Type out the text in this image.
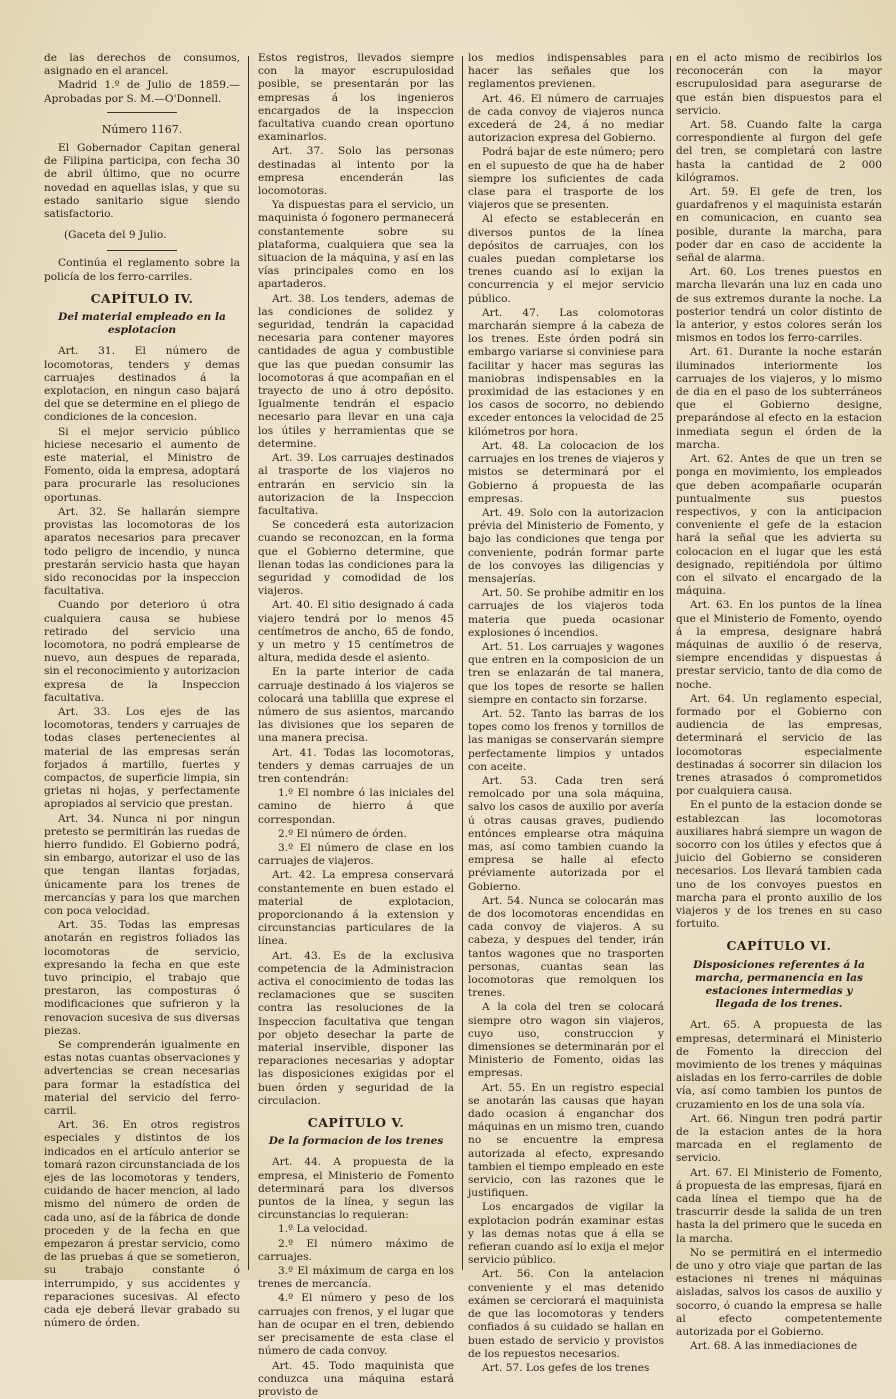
de las derechos de consumos, asignado en el arancel.

Madrid 1.º de Julio de 1859.—Aprobadas por S. M.—O'Donnell.

Número 1167.

El Gobernador Capitan general de Filipina participa, con fecha 30 de abril último, que no ocurre novedad en aquellas islas, y que su estado sanitario sigue siendo satisfactorio.

(Gaceta del 9 Julio.

Continúa el reglamento sobre la policía de los ferro-carriles.

CAPÍTULO IV.
Del material empleado en la esplotacion

Art. 31. El número de locomotoras, tenders y demas carruajes destinados á la explotacion, en ningun caso bajará del que se determine en el pliego de condiciones de la concesion.

Si el mejor servicio público hiciese necesario el aumento de este material, el Ministro de Fomento, oida la empresa, adoptará para procurarle las resoluciones oportunas.

Art. 32. Se hallarán siempre provistas las locomotoras de los aparatos necesarios para precaver todo peligro de incendio, y nunca prestarán servicio hasta que hayan sido reconocidas por la inspeccion facultativa.

Cuando por deterioro ú otra cualquiera causa se hubiese retirado del servicio una locomotora, no podrá emplearse de nuevo, aun despues de reparada, sin el reconocimiento y autorizacion expresa de la Inspeccion facultativa.

Art. 33. Los ejes de las locomotoras, tenders y carruajes de todas clases pertenecientes al material de las empresas serán forjados á martillo, fuertes y compactos, de superficie limpia, sin grietas ni hojas, y perfectamente apropiados al servicio que prestan.

Art. 34. Nunca ni por ningun pretesto se permitirán las ruedas de hierro fundido. El Gobierno podrá, sin embargo, autorizar el uso de las que tengan llantas forjadas, únicamente para los trenes de mercancías y para los que marchen con poca velocidad.

Art. 35. Todas las empresas anotarán en registros foliados las locomotoras de servicio, expresando la fecha en que este tuvo principio, el trabajo que prestaron, las composturas ó modificaciones que sufrieron y la renovacion sucesiva de sus diversas piezas.

Se comprenderán igualmente en estas notas cuantas observaciones y advertencias se crean necesarias para formar la estadística del material del servicio del ferro-carril.

Art. 36. En otros registros especiales y distintos de los indicados en el artículo anterior se tomará razon circunstanciada de los ejes de las locomotoras y tenders, cuidando de hacer mencion, al lado mismo del número de orden de cada uno, así de la fábrica de donde proceden y de la fecha en que empezaron á prestar servicio, como de las pruebas á que se sometieron, su trabajo constante ó interrumpido, y sus accidentes y reparaciones sucesivas. Al efecto cada eje deberá llevar grabado su número de órden.

Estos registros, llevados siempre con la mayor escrupulosidad posible, se presentarán por las empresas á los ingenieros encargados de la inspeccion facultativa cuando crean oportuno examinarlos.

Art. 37. Solo las personas destinadas al intento por la empresa encenderán las locomotoras.

Ya dispuestas para el servicio, un maquinista ó fogonero permanecerá constantemente sobre su plataforma, cualquiera que sea la situacion de la máquina, y así en las vías principales como en los apartaderos.

Art. 38. Los tenders, ademas de las condiciones de solidez y seguridad, tendrán la capacidad necesaria para contener mayores cantidades de agua y combustible que las que puedan consumir las locomotoras á que acompañan en el trayecto de uno á otro depósito. Igualmente tendrán el espacio necesario para llevar en una caja los útiles y herramientas que se determine.

Art. 39. Los carruajes destinados al trasporte de los viajeros no entrarán en servicio sin la autorizacion de la Inspeccion facultativa.

Se concederá esta autorizacion cuando se reconozcan, en la forma que el Gobierno determine, que llenan todas las condiciones para la seguridad y comodidad de los viajeros.

Art. 40. El sitio designado á cada viajero tendrá por lo menos 45 centímetros de ancho, 65 de fondo, y un metro y 15 centímetros de altura, medida desde el asiento.

En la parte interior de cada carruaje destinado á los viajeros se colocará una tablilla que exprese el número de sus asientos, marcando las divisiones que los separen de una manera precisa.

Art. 41. Todas las locomotoras, tenders y demas carruajes de un tren contendrán:

1.º El nombre ó las iniciales del camino de hierro á que correspondan.

2.º El número de órden.

3.º El número de clase en los carruajes de viajeros.

Art. 42. La empresa conservará constantemente en buen estado el material de explotacion, proporcionando á la extension y circunstancias particulares de la línea.

Art. 43. Es de la exclusiva competencia de la Administracion activa el conocimiento de todas las reclamaciones que se susciten contra las resoluciones de la Inspeccion facultativa que tengan por objeto desechar la parte de material inservible, disponer las reparaciones necesarias y adoptar las disposiciones exigidas por el buen órden y seguridad de la circulacion.

CAPÍTULO V.
De la formacion de los trenes

Art. 44. A propuesta de la empresa, el Ministerio de Fomento determinará para los diversos puntos de la línea, y segun las circunstancias lo requieran:

1.º La velocidad.

2.º El número máximo de carruajes.

3.º El máximum de carga en los trenes de mercancía.

4.º El número y peso de los carruajes con frenos, y el lugar que han de ocupar en el tren, debiendo ser precisamente de esta clase el número de cada convoy.

Art. 45. Todo maquinista que conduzca una máquina estará provisto de

los medios indispensables para hacer las señales que los reglamentos previenen.

Art. 46. El número de carruajes de cada convoy de viajeros nunca excederá de 24, á no mediar autorizacion expresa del Gobierno.

Podrá bajar de este número; pero en el supuesto de que ha de haber siempre los suficientes de cada clase para el trasporte de los viajeros que se presenten.

Al efecto se establecerán en diversos puntos de la línea depósitos de carruajes, con los cuales puedan completarse los trenes cuando así lo exijan la concurrencia y el mejor servicio público.

Art. 47. Las colomotoras marcharán siempre á la cabeza de los trenes. Este órden podrá sin embargo variarse si conviniese para facilitar y hacer mas seguras las maniobras indispensables en la proximidad de las estaciones y en los casos de socorro, no debiendo exceder entonces la velocidad de 25 kilómetros por hora.

Art. 48. La colocacion de los carruajes en los trenes de viajeros y mistos se determinará por el Gobierno á propuesta de las empresas.

Art. 49. Solo con la autorizacion prévia del Ministerio de Fomento, y bajo las condiciones que tenga por conveniente, podrán formar parte de los convoyes las diligencias y mensajerías.

Art. 50. Se prohibe admitir en los carruajes de los viajeros toda materia que pueda ocasionar explosiones ó incendios.

Art. 51. Los carruajes y wagones que entren en la composicion de un tren se enlazarán de tal manera, que los topes de resorte se hallen siempre en contacto sin forzarse.

Art. 52. Tanto las barras de los topes como los frenos y tornillos de las manigas se conservarán siempre perfectamente limpios y untados con aceite.

Art. 53. Cada tren será remolcado por una sola máquina, salvo los casos de auxilio por avería ú otras causas graves, pudiendo entónces emplearse otra máquina mas, así como tambien cuando la empresa se halle al efecto préviamente autorizada por el Gobierno.

Art. 54. Nunca se colocarán mas de dos locomotoras encendidas en cada convoy de viajeros. A su cabeza, y despues del tender, irán tantos wagones que no trasporten personas, cuantas sean las locomotoras que remolquen los trenes.

A la cola del tren se colocará siempre otro wagon sin viajeros, cuyo uso, construccion y dimensiones se determinarán por el Ministerio de Fomento, oidas las empresas.

Art. 55. En un registro especial se anotarán las causas que hayan dado ocasion á enganchar dos máquinas en un mismo tren, cuando no se encuentre la empresa autorizada al efecto, expresando tambien el tiempo empleado en este servicio, con las razones que le justifiquen.

Los encargados de vigilar la explotacion podrán examinar estas y las demas notas que á ella se refieran cuando así lo exija el mejor servicio público.

Art. 56. Con la antelacion conveniente y el mas detenido exámen se cerciorará el maquinista de que las locomotoras y tenders confiados á su cuidado se hallan en buen estado de servicio y provistos de los repuestos necesarios.

Art. 57. Los gefes de los trenes

en el acto mismo de recibirlos los reconocerán con la mayor escrupulosidad para asegurarse de que están bien dispuestos para el servicio.

Art. 58. Cuando falte la carga correspondiente al furgon del gefe del tren, se completará con lastre hasta la cantidad de 2 000 kilógramos.

Art. 59. El gefe de tren, los guardafrenos y el maquinista estarán en comunicacion, en cuanto sea posible, durante la marcha, para poder dar en caso de accidente la señal de alarma.

Art. 60. Los trenes puestos en marcha llevarán una luz en cada uno de sus extremos durante la noche. La posterior tendrá un color distinto de la anterior, y estos colores serán los mismos en todos los ferro-carriles.

Art. 61. Durante la noche estarán iluminados interiormente los carruajes de los viajeros, y lo mismo de dia en el paso de los subterráneos que el Gobierno designe, preparándose al efecto en la estacion inmediata segun el órden de la marcha.

Art. 62. Antes de que un tren se ponga en movimiento, los empleados que deben acompañarle ocuparán puntualmente sus puestos respectivos, y con la anticipacion conveniente el gefe de la estacion hará la señal que les advierta su colocacion en el lugar que les está designado, repitiéndola por último con el silvato el encargado de la máquina.

Art. 63. En los puntos de la línea que el Ministerio de Fomento, oyendo á la empresa, designare habrá máquinas de auxilio ó de reserva, siempre encendidas y dispuestas á prestar servicio, tanto de dia como de noche.

Art. 64. Un reglamento especial, formado por el Gobierno con audiencia de las empresas, determinará el servicio de las locomotoras especialmente destinadas á socorrer sin dilacion los trenes atrasados ó comprometidos por cualquiera causa.

En el punto de la estacion donde se establezcan las locomotoras auxiliares habrá siempre un wagon de socorro con los útiles y efectos que á juicio del Gobierno se consideren necesarios. Los llevará tambien cada uno de los convoyes puestos en marcha para el pronto auxilio de los viajeros y de los trenes en su caso fortuito.

CAPÍTULO VI.
Disposiciones referentes á la marcha, permanencia en las estaciones intermedias y llegada de los trenes.

Art. 65. A propuesta de las empresas, determinará el Ministerio de Fomento la direccion del movimiento de los trenes y máquinas aisladas en los ferro-carriles de doble vía, así como tambien los puntos de cruzamiento en los de una sola vía.

Art. 66. Ningun tren podrá partir de la estacion antes de la hora marcada en el reglamento de servicio.

Art. 67. El Ministerio de Fomento, á propuesta de las empresas, fijará en cada línea el tiempo que ha de trascurrir desde la salida de un tren hasta la del primero que le suceda en la marcha.

No se permitirá en el intermedio de uno y otro viaje que partan de las estaciones ni trenes ni máquinas aisladas, salvos los casos de auxilio y socorro, ó cuando la empresa se halle al efecto competentemente autorizada por el Gobierno.

Art. 68. A las inmediaciones de
